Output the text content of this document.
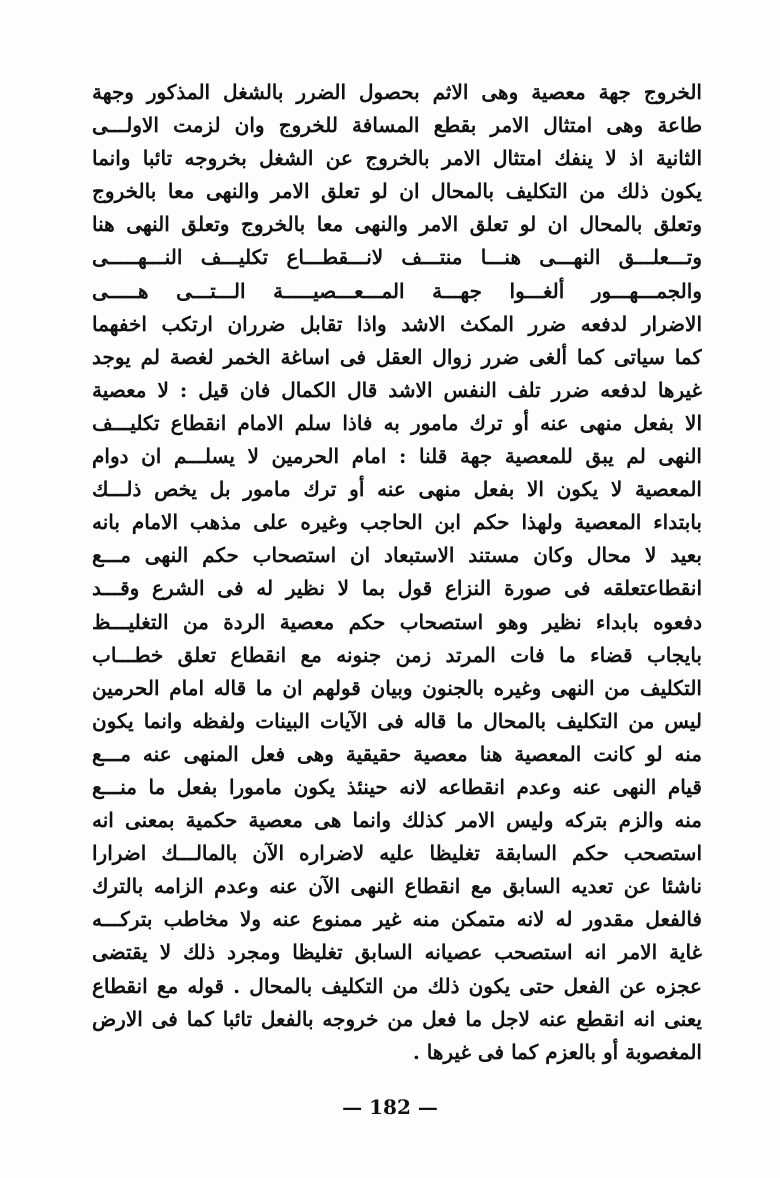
الخروج جهة معصية وهى الاثم بحصول الضرر بالشغل المذكور وجهة
طاعة وهى امتثال الامر بقطع المسافة للخروج وان لزمت الاولـــى
الثانية اذ لا ينفك امتثال الامر بالخروج عن الشغل بخروجه تائبا وانما
يكون ذلك من التكليف بالمحال ان لو تعلق الامر والنهى معا بالخروج
وتعلق بالمحال ان لو تعلق الامر والنهى معا بالخروج وتعلق النهى هنا
وتـــعلـــق النهـــى هنـــا منتـــف لانـــقطـــاع تكليـــف النـــهـــــى
والجمـــهـــور ألغـــوا جهـــة المـــعـــصيـــــة الـــتـــى هـــــى
الاضرار لدفعه ضرر المكث الاشد واذا تقابل ضرران ارتكب اخفهما
كما سياتى كما ألغى ضرر زوال العقل فى اساغة الخمر لغصة لم يوجد
غيرها لدفعه ضرر تلف النفس الاشد قال الكمال فان قيل : لا معصية
الا بفعل منهى عنه أو ترك مامور به فاذا سلم الامام انقطاع تكليـــف
النهى لم يبق للمعصية جهة قلنا : امام الحرمين لا يسلـــم ان دوام
المعصية لا يكون الا بفعل منهى عنه أو ترك مامور بل يخص ذلـــك
بابتداء المعصية ولهذا حكم ابن الحاجب وغيره على مذهب الامام بانه
بعيد لا محال وكان مستند الاستبعاد ان استصحاب حكم النهى مـــع
انقطاعتعلقه فى صورة النزاع قول بما لا نظير له فى الشرع وقـــد
دفعوه بابداء نظير وهو استصحاب حكم معصية الردة من التغليـــظ
بايجاب قضاء ما فات المرتد زمن جنونه مع انقطاع تعلق خطـــاب
التكليف من النهى وغيره بالجنون وبيان قولهم ان ما قاله امام الحرمين
ليس من التكليف بالمحال ما قاله فى الآيات البينات ولفظه وانما يكون
منه لو كانت المعصية هنا معصية حقيقية وهى فعل المنهى عنه مـــع
قيام النهى عنه وعدم انقطاعه لانه حينئذ يكون مامورا بفعل ما منـــع
منه والزم بتركه وليس الامر كذلك وانما هى معصية حكمية بمعنى انه
استصحب حكم السابقة تغليظا عليه لاضراره الآن بالمالـــك اضرارا
ناشئا عن تعديه السابق مع انقطاع النهى الآن عنه وعدم الزامه بالترك
فالفعل مقدور له لانه متمكن منه غير ممنوع عنه ولا مخاطب بتركـــه
غاية الامر انه استصحب عصيانه السابق تغليظا ومجرد ذلك لا يقتضى
عجزه عن الفعل حتى يكون ذلك من التكليف بالمحال . قوله مع انقطاع
يعنى انه انقطع عنه لاجل ما فعل من خروجه بالفعل تائبا كما فى الارض
المغصوبة أو بالعزم كما فى غيرها .
— 182 —
